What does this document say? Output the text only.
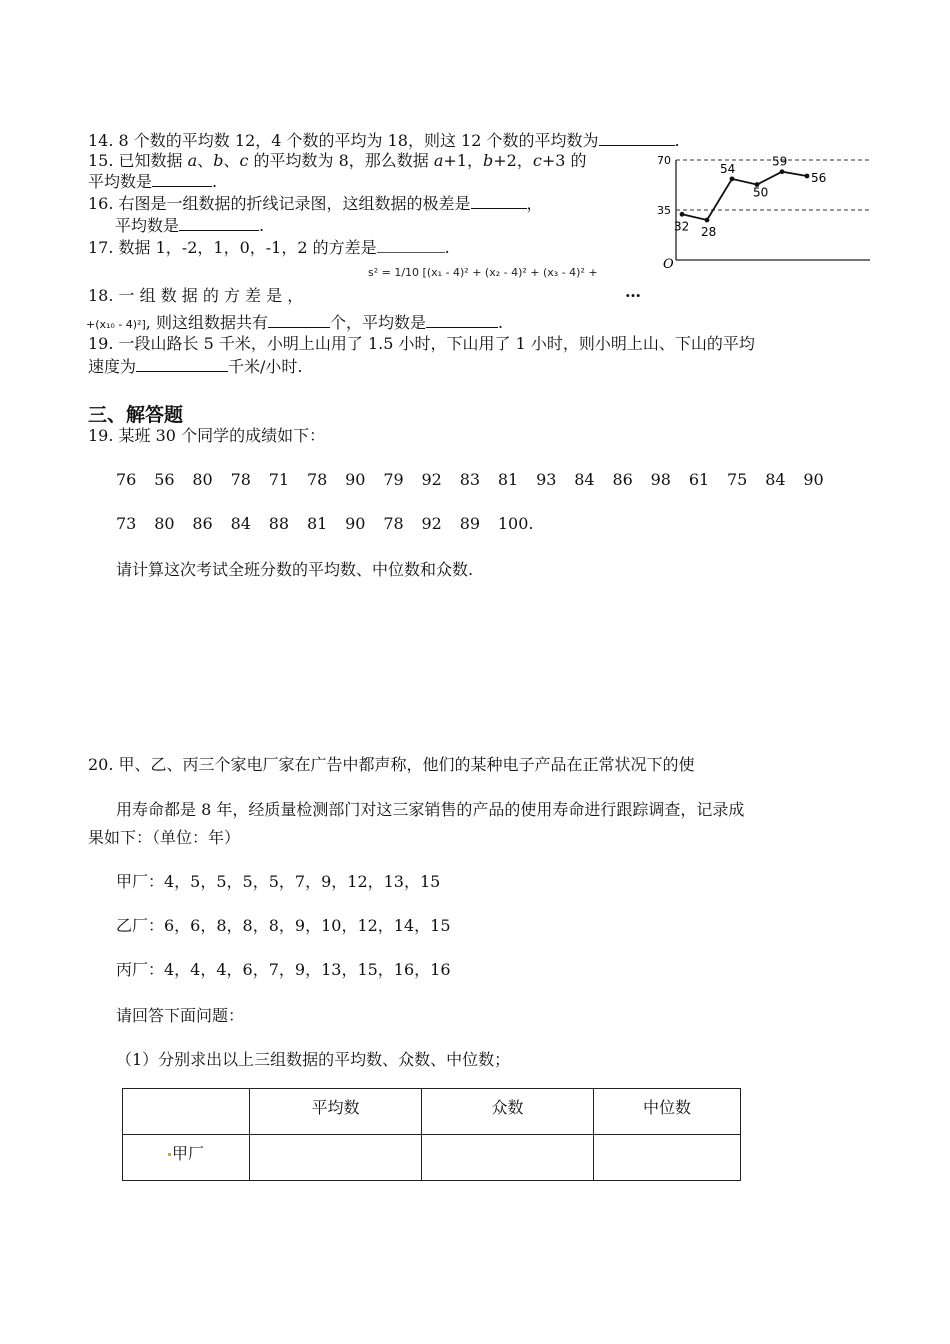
14. 8 个数的平均数 12，4 个数的平均为 18，则这 12 个数的平均数为	.
15. 已知数据 a、b、c 的平均数为 8，那么数据 a+1，b+2，c+3 的
平均数是	.
16. 右图是一组数据的折线记录图，这组数据的极差是	，
平均数是	.
17. 数据 1，-2，1，0，-1，2 的方差是	.
70
35
O
32 28
54
50
59
56
s² = 1/10 [(x₁ - 4)² + (x₂ - 4)² + (x₃ - 4)² +
18. 一 组 数 据 的 方 差 是 ，	…
+(x₁₀ - 4)²], 则这组数据共有	个，平均数是	.
19. 一段山路长 5 千米，小明上山用了 1.5 小时，下山用了 1 小时，则小明上山、下山的平均
速度为	千米/小时.
三、解答题
19. 某班 30 个同学的成绩如下：
76 56 80 78 71 78 90 79 92 83 81 93 84 86 98 61 75 84 90
73 80 86 84 88 81 90 78 92 89 100.
请计算这次考试全班分数的平均数、中位数和众数.
20. 甲、乙、丙三个家电厂家在广告中都声称，他们的某种电子产品在正常状况下的使
用寿命都是 8 年，经质量检测部门对这三家销售的产品的使用寿命进行跟踪调查，记录成
果如下：（单位：年）
甲厂：4，5，5，5，5，7，9，12，13，15
乙厂：6，6，8，8，8，9，10，12，14，15
丙厂：4，4，4，6，7，9，13，15，16，16
请回答下面问题：
（1）分别求出以上三组数据的平均数、众数、中位数；
	平均数	众数	中位数
甲厂			
